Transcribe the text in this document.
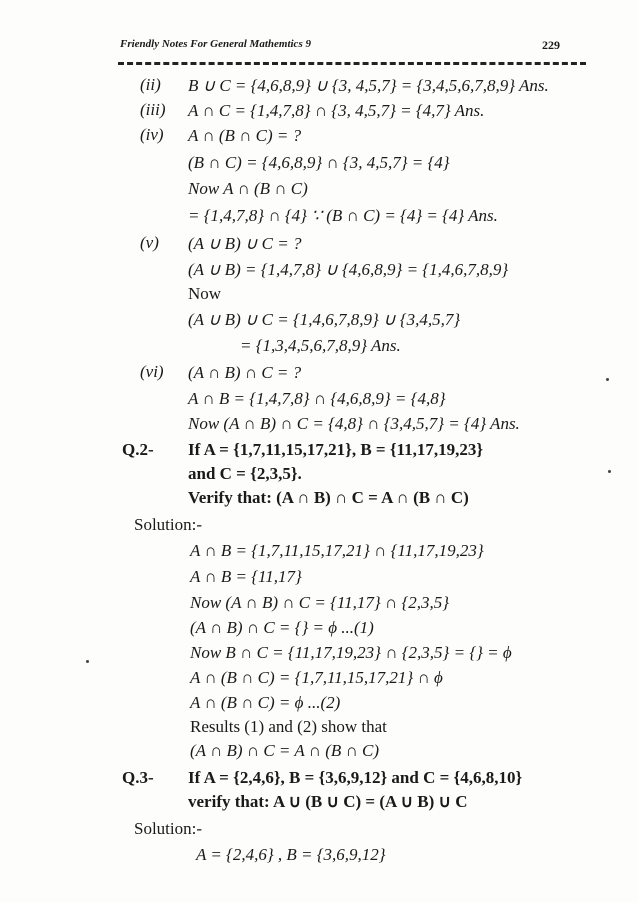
Friendly Notes For General Mathemtics 9	229
(ii) B ∪ C = {4,6,8,9} ∪ {3, 4,5,7} = {3,4,5,6,7,8,9} Ans.
(iii) A ∩ C = {1,4,7,8} ∩ {3, 4,5,7} = {4,7} Ans.
(iv) A ∩ (B ∩ C) = ?
(B ∩ C) = {4,6,8,9} ∩ {3, 4,5,7} = {4}
Now A ∩ (B ∩ C)
= {1,4,7,8} ∩ {4} ∵ (B ∩ C) = {4} = {4} Ans.
(v) (A ∪ B) ∪ C = ?
(A ∪ B) = {1,4,7,8} ∪ {4,6,8,9} = {1,4,6,7,8,9}
Now
(A ∪ B) ∪ C = {1,4,6,7,8,9} ∪ {3,4,5,7}
= {1,3,4,5,6,7,8,9} Ans.
(vi) (A ∩ B) ∩ C = ?
A ∩ B = {1,4,7,8} ∩ {4,6,8,9} = {4,8}
Now (A ∩ B) ∩ C = {4,8} ∩ {3,4,5,7} = {4} Ans.
Q.2- If A = {1,7,11,15,17,21}, B = {11,17,19,23}
and C = {2,3,5}.
Verify that: (A ∩ B) ∩ C = A ∩ (B ∩ C)
Solution:-
A ∩ B = {1,7,11,15,17,21} ∩ {11,17,19,23}
A ∩ B = {11,17}
Now (A ∩ B) ∩ C = {11,17} ∩ {2,3,5}
(A ∩ B) ∩ C = {} = ϕ ...(1)
Now B ∩ C = {11,17,19,23} ∩ {2,3,5} = {} = ϕ
A ∩ (B ∩ C) = {1,7,11,15,17,21} ∩ ϕ
A ∩ (B ∩ C) = ϕ ...(2)
Results (1) and (2) show that
(A ∩ B) ∩ C = A ∩ (B ∩ C)
Q.3- If A = {2,4,6}, B = {3,6,9,12} and C = {4,6,8,10}
verify that: A ∪ (B ∪ C) = (A ∪ B) ∪ C
Solution:-
A = {2,4,6} , B = {3,6,9,12}
